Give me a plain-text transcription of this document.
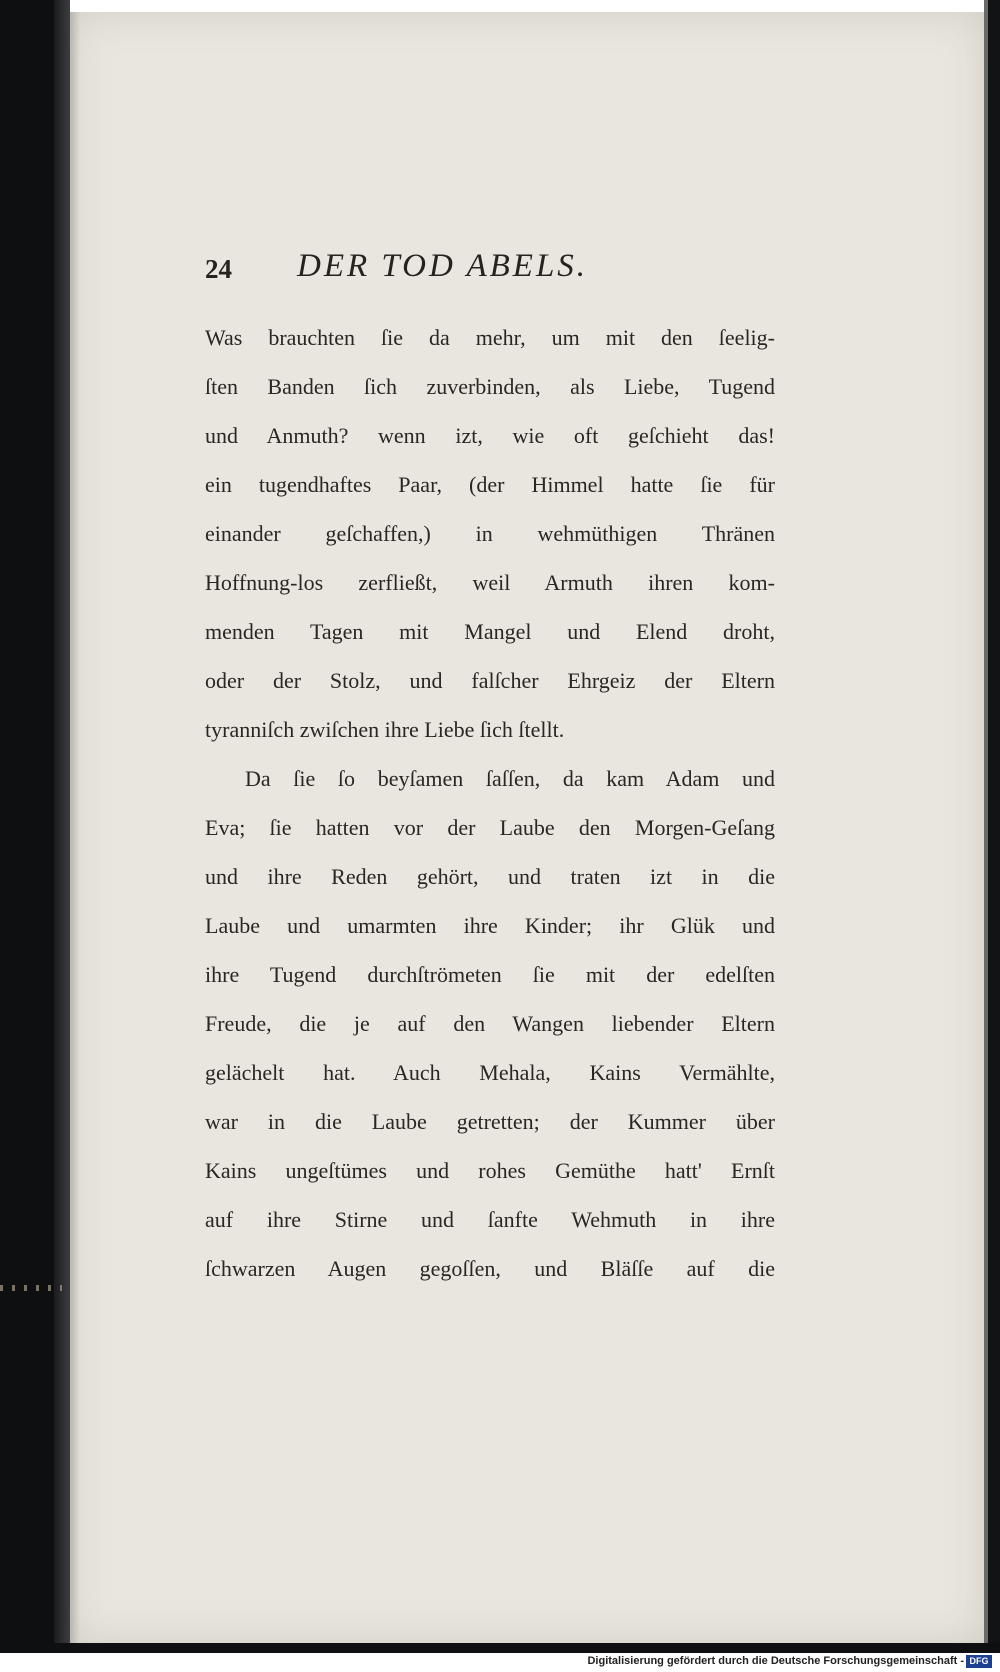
24 DER TOD ABELS.
Was brauchten ſie da mehr, um mit den ſeelig-
ſten Banden ſich zuverbinden, als Liebe, Tugend
und Anmuth? wenn izt, wie oft geſchieht das!
ein tugendhaftes Paar, (der Himmel hatte ſie für
einander geſchaffen,) in wehmüthigen Thränen
Hoffnung-los zerfließt, weil Armuth ihren kom-
menden Tagen mit Mangel und Elend droht,
oder der Stolz, und falſcher Ehrgeiz der Eltern
tyranniſch zwiſchen ihre Liebe ſich ſtellt.
Da ſie ſo beyſamen ſaſſen, da kam Adam und
Eva; ſie hatten vor der Laube den Morgen-Geſang
und ihre Reden gehört, und traten izt in die
Laube und umarmten ihre Kinder; ihr Glük und
ihre Tugend durchſtrömeten ſie mit der edelſten
Freude, die je auf den Wangen liebender Eltern
gelächelt hat. Auch Mehala, Kains Vermählte,
war in die Laube getretten; der Kummer über
Kains ungeſtümes und rohes Gemüthe hatt' Ernſt
auf ihre Stirne und ſanfte Wehmuth in ihre
ſchwarzen Augen gegoſſen, und Bläſſe auf die
Digitalisierung gefördert durch die Deutsche Forschungsgemeinschaft - DFG
